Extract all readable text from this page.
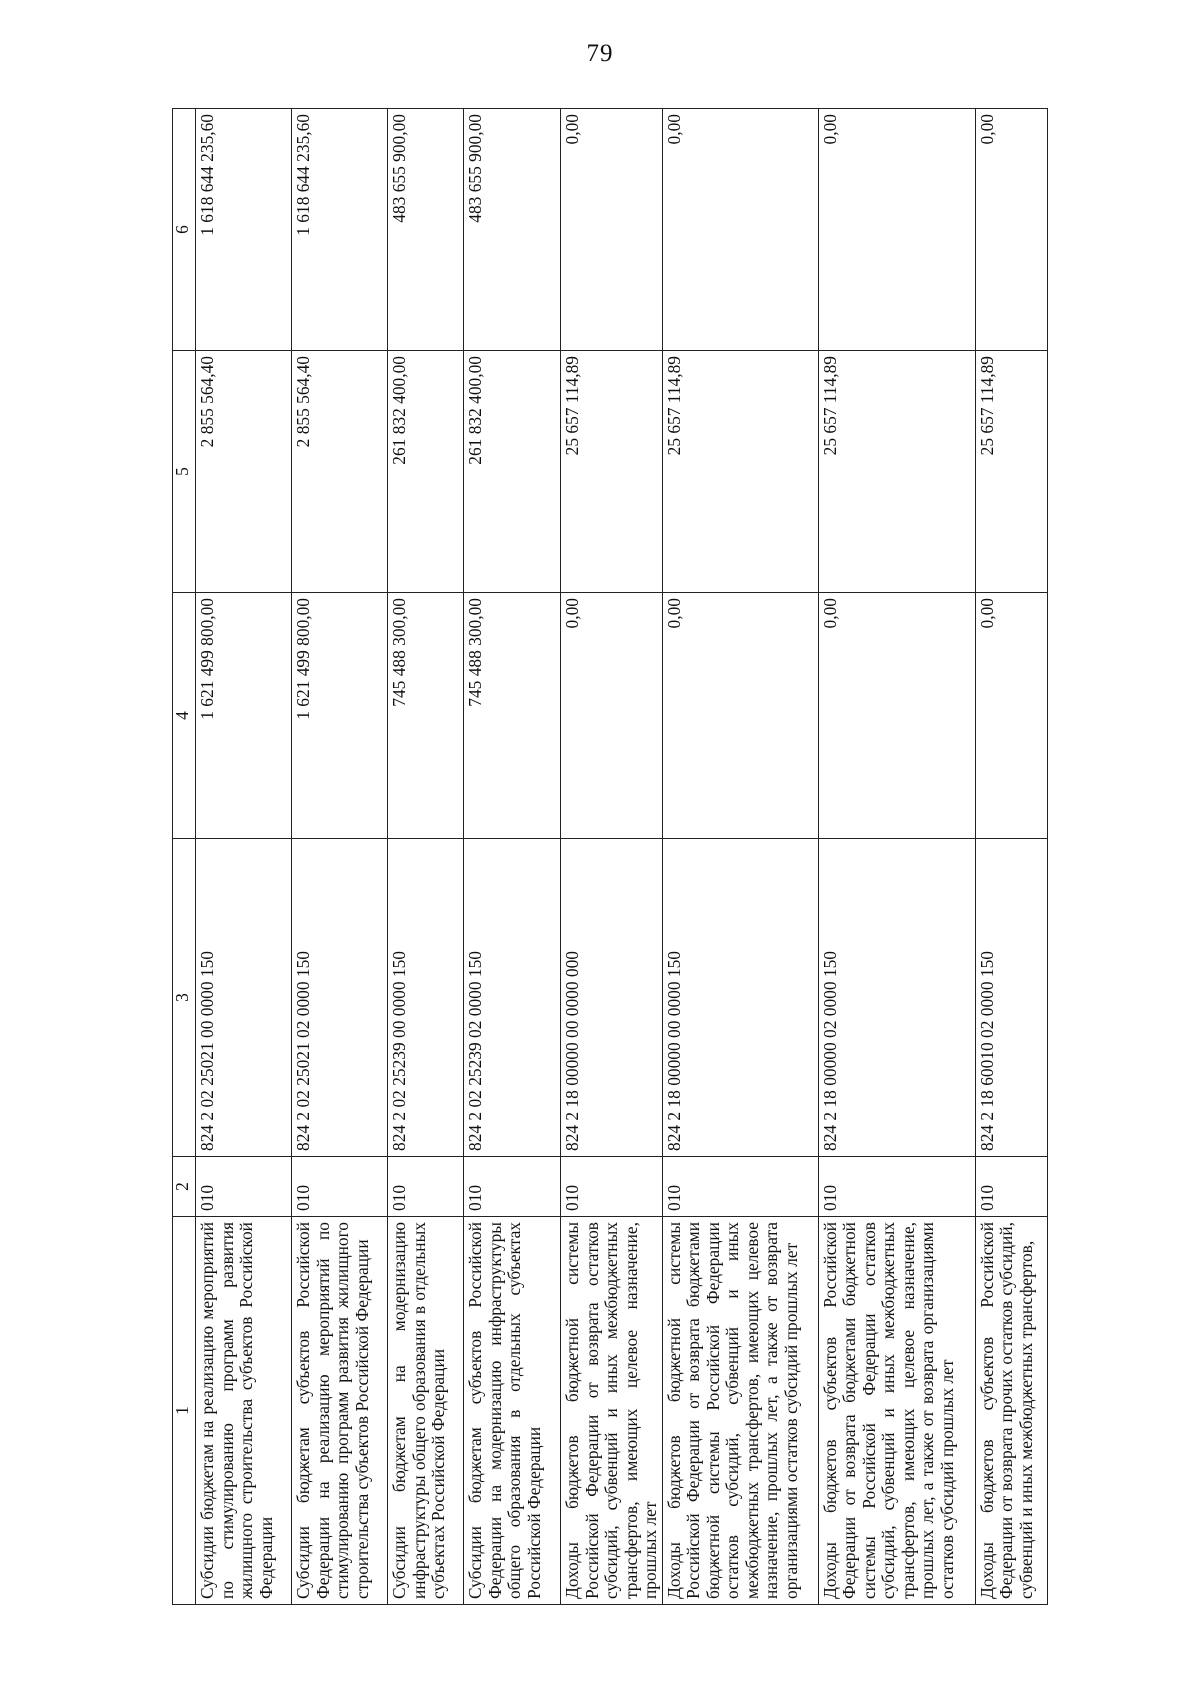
79
1	2	3	4	5	6
Субсидии бюджетам на реализацию мероприятий по стимулированию программ развития жилищного строительства субъектов Российской Федерации	010	824 2 02 25021 00 0000 150	1 621 499 800,00	2 855 564,40	1 618 644 235,60
Субсидии бюджетам субъектов Российской Федерации на реализацию мероприятий по стимулированию программ развития жилищного строительства субъектов Российской Федерации	010	824 2 02 25021 02 0000 150	1 621 499 800,00	2 855 564,40	1 618 644 235,60
Субсидии бюджетам на модернизацию инфраструктуры общего образования в отдельных субъектах Российской Федерации	010	824 2 02 25239 00 0000 150	745 488 300,00	261 832 400,00	483 655 900,00
Субсидии бюджетам субъектов Российской Федерации на модернизацию инфраструктуры общего образования в отдельных субъектах Российской Федерации	010	824 2 02 25239 02 0000 150	745 488 300,00	261 832 400,00	483 655 900,00
Доходы бюджетов бюджетной системы Российской Федерации от возврата остатков субсидий, субвенций и иных межбюджетных трансфертов, имеющих целевое назначение, прошлых лет	010	824 2 18 00000 00 0000 000	0,00	25 657 114,89	0,00
Доходы бюджетов бюджетной системы Российской Федерации от возврата бюджетами бюджетной системы Российской Федерации остатков субсидий, субвенций и иных межбюджетных трансфертов, имеющих целевое назначение, прошлых лет, а также от возврата организациями остатков субсидий прошлых лет	010	824 2 18 00000 00 0000 150	0,00	25 657 114,89	0,00
Доходы бюджетов субъектов Российской Федерации от возврата бюджетами бюджетной системы Российской Федерации остатков субсидий, субвенций и иных межбюджетных трансфертов, имеющих целевое назначение, прошлых лет, а также от возврата организациями остатков субсидий прошлых лет	010	824 2 18 00000 02 0000 150	0,00	25 657 114,89	0,00
Доходы бюджетов субъектов Российской Федерации от возврата прочих остатков субсидий, субвенций и иных межбюджетных трансфертов,	010	824 2 18 60010 02 0000 150	0,00	25 657 114,89	0,00
